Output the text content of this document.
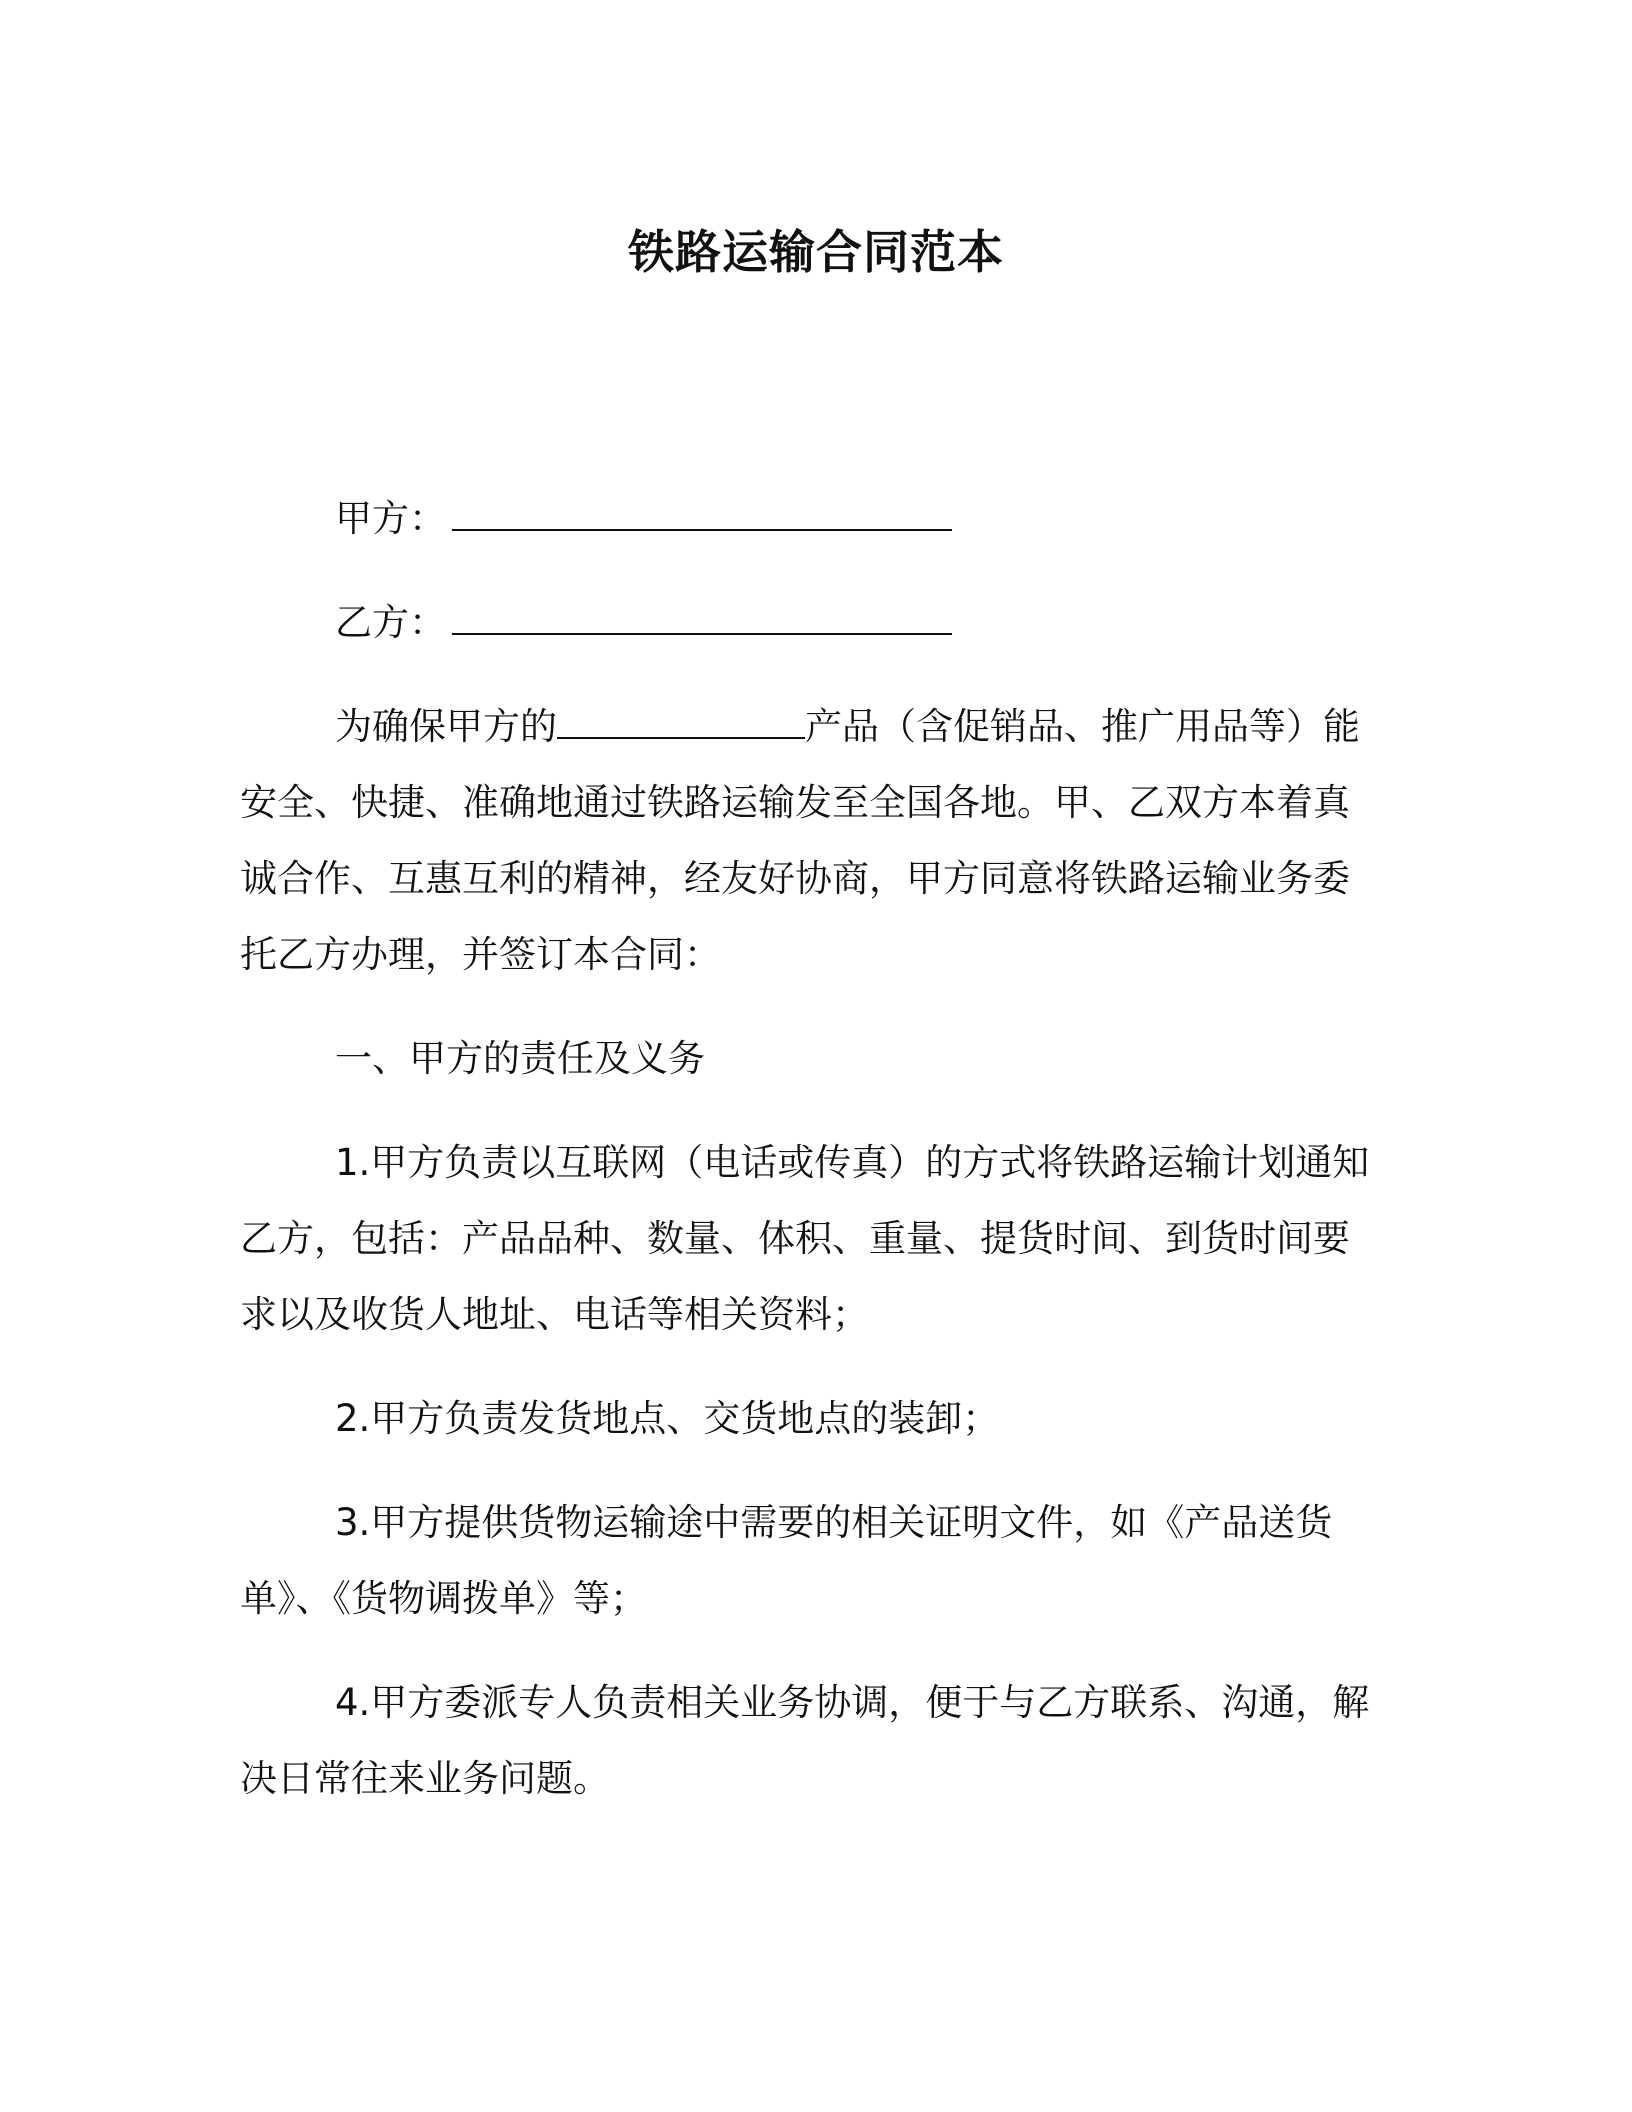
铁路运输合同范本
甲方：
乙方：
为确保甲方的	产品（含促销品、推广用品等）能
安全、快捷、准确地通过铁路运输发至全国各地。甲、乙双方本着真
诚合作、互惠互利的精神，经友好协商，甲方同意将铁路运输业务委
托乙方办理，并签订本合同：
一、甲方的责任及义务
1.甲方负责以互联网（电话或传真）的方式将铁路运输计划通知
乙方，包括：产品品种、数量、体积、重量、提货时间、到货时间要
求以及收货人地址、电话等相关资料；
2.甲方负责发货地点、交货地点的装卸；
3.甲方提供货物运输途中需要的相关证明文件，如《产品送货
单》、《货物调拨单》等；
4.甲方委派专人负责相关业务协调，便于与乙方联系、沟通，解
决日常往来业务问题。
